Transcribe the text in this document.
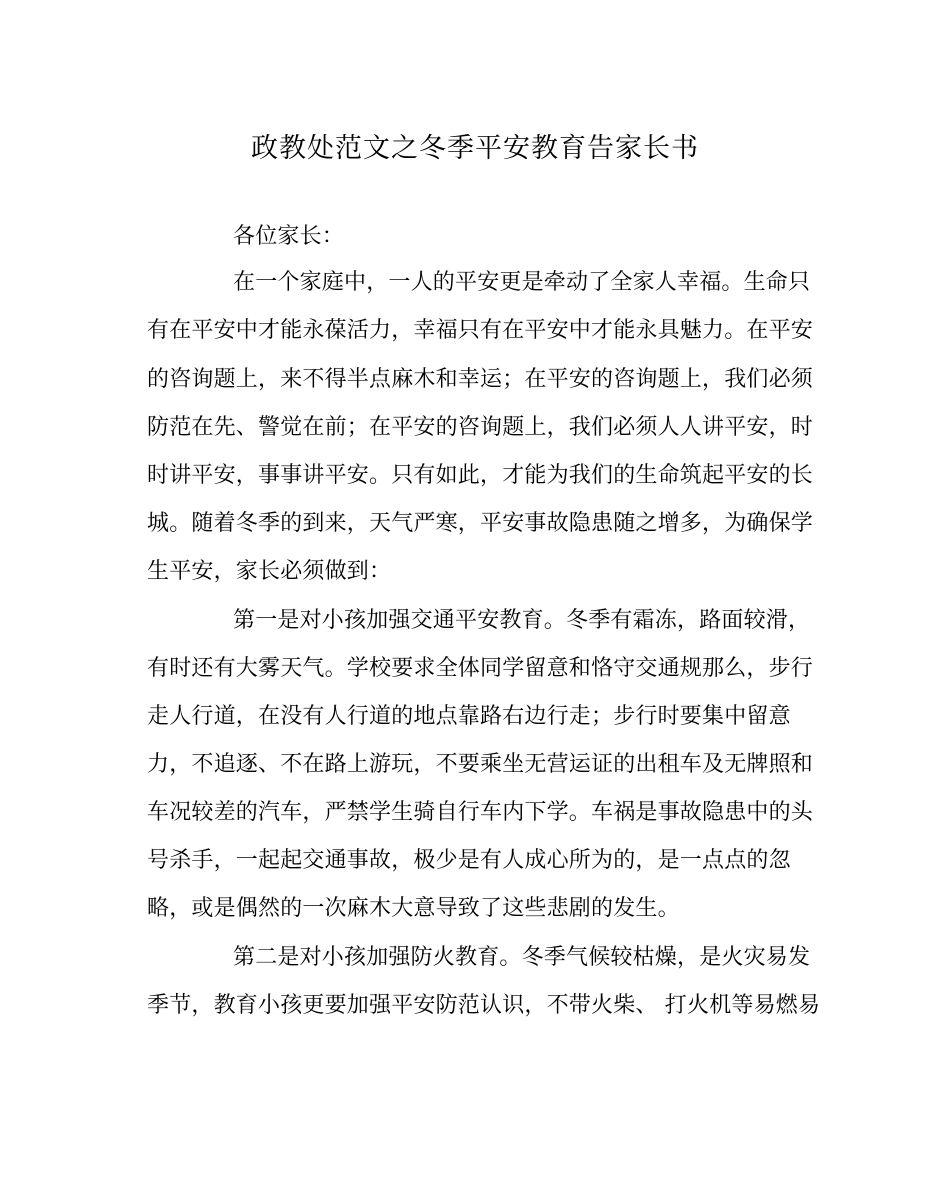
政教处范文之冬季平安教育告家长书
各位家长：
在一个家庭中，一人的平安更是牵动了全家人幸福。生命只
有在平安中才能永葆活力，幸福只有在平安中才能永具魅力。在平安
的咨询题上，来不得半点麻木和幸运；在平安的咨询题上，我们必须
防范在先、警觉在前；在平安的咨询题上，我们必须人人讲平安，时
时讲平安，事事讲平安。只有如此，才能为我们的生命筑起平安的长
城。随着冬季的到来，天气严寒，平安事故隐患随之增多，为确保学
生平安，家长必须做到：
第一是对小孩加强交通平安教育。冬季有霜冻，路面较滑，
有时还有大雾天气。学校要求全体同学留意和恪守交通规那么，步行
走人行道，在没有人行道的地点靠路右边行走；步行时要集中留意
力，不追逐、不在路上游玩，不要乘坐无营运证的出租车及无牌照和
车况较差的汽车，严禁学生骑自行车内下学。车祸是事故隐患中的头
号杀手，一起起交通事故，极少是有人成心所为的，是一点点的忽
略，或是偶然的一次麻木大意导致了这些悲剧的发生。
第二是对小孩加强防火教育。冬季气候较枯燥，是火灾易发
季节，教育小孩更要加强平安防范认识，不带火柴、 打火机等易燃易
